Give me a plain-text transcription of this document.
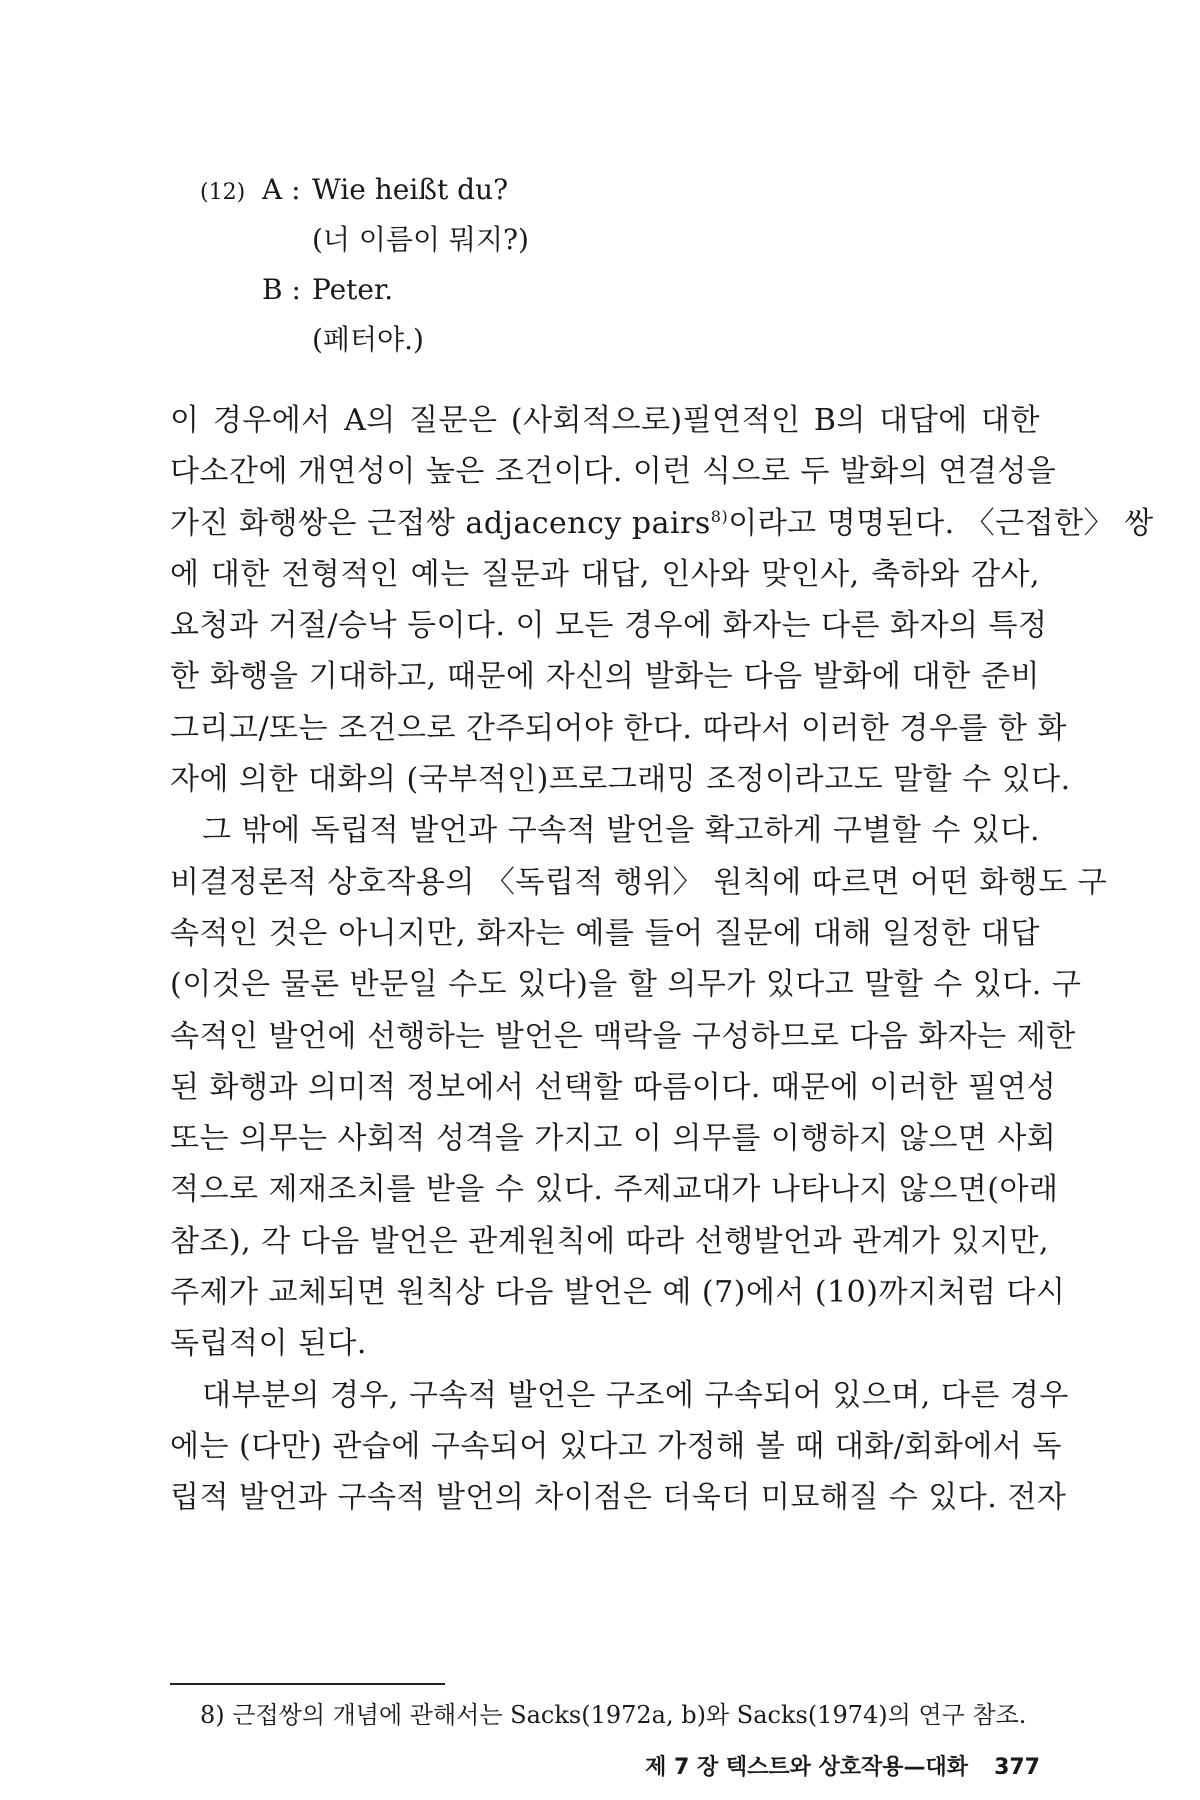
(12) A : Wie heißt du?
(너 이름이 뭐지?)
B : Peter.
(페터야.)
이 경우에서 A의 질문은 (사회적으로)필연적인 B의 대답에 대한
다소간에 개연성이 높은 조건이다. 이런 식으로 두 발화의 연결성을
가진 화행쌍은 근접쌍 adjacency pairs$^{8)}$이라고 명명된다. 〈근접한〉 쌍
에 대한 전형적인 예는 질문과 대답, 인사와 맞인사, 축하와 감사,
요청과 거절/승낙 등이다. 이 모든 경우에 화자는 다른 화자의 특정
한 화행을 기대하고, 때문에 자신의 발화는 다음 발화에 대한 준비
그리고/또는 조건으로 간주되어야 한다. 따라서 이러한 경우를 한 화
자에 의한 대화의 (국부적인)프로그래밍 조정이라고도 말할 수 있다.
그 밖에 독립적 발언과 구속적 발언을 확고하게 구별할 수 있다.
비결정론적 상호작용의 〈독립적 행위〉 원칙에 따르면 어떤 화행도 구
속적인 것은 아니지만, 화자는 예를 들어 질문에 대해 일정한 대답
(이것은 물론 반문일 수도 있다)을 할 의무가 있다고 말할 수 있다. 구
속적인 발언에 선행하는 발언은 맥락을 구성하므로 다음 화자는 제한
된 화행과 의미적 정보에서 선택할 따름이다. 때문에 이러한 필연성
또는 의무는 사회적 성격을 가지고 이 의무를 이행하지 않으면 사회
적으로 제재조치를 받을 수 있다. 주제교대가 나타나지 않으면(아래
참조), 각 다음 발언은 관계원칙에 따라 선행발언과 관계가 있지만,
주제가 교체되면 원칙상 다음 발언은 예 (7)에서 (10)까지처럼 다시
독립적이 된다.
대부분의 경우, 구속적 발언은 구조에 구속되어 있으며, 다른 경우
에는 (다만) 관습에 구속되어 있다고 가정해 볼 때 대화/회화에서 독
립적 발언과 구속적 발언의 차이점은 더욱더 미묘해질 수 있다. 전자
8) 근접쌍의 개념에 관해서는 Sacks(1972a, b)와 Sacks(1974)의 연구 참조.
제 7 장 텍스트와 상호작용—대화 377
